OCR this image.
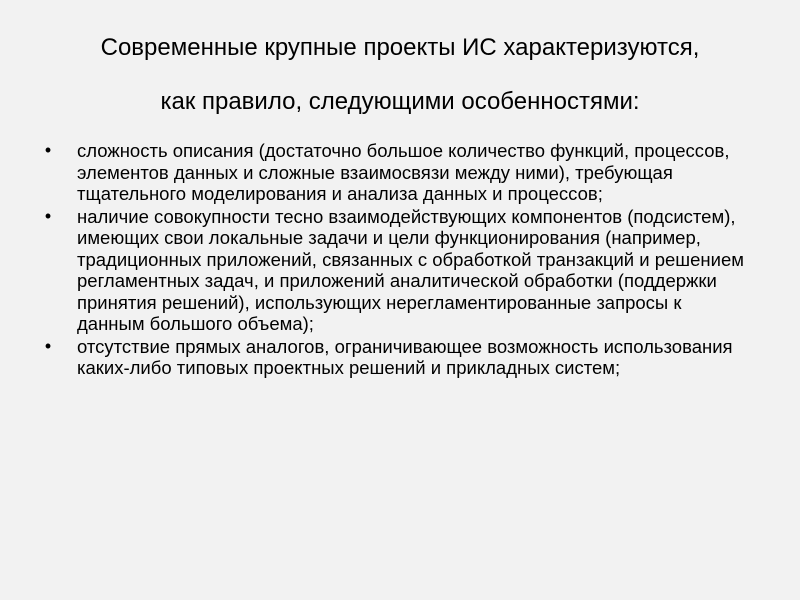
Современные крупные проекты ИС характеризуются,
как правило, следующими особенностями:
• сложность описания (достаточно большое количество функций, процессов, элементов данных и сложные взаимосвязи между ними), требующая тщательного моделирования и анализа данных и процессов;
• наличие совокупности тесно взаимодействующих компонентов (подсистем), имеющих свои локальные задачи и цели функционирования (например, традиционных приложений, связанных с обработкой транзакций и решением регламентных задач, и приложений аналитической обработки (поддержки принятия решений), использующих нерегламентированные запросы к данным большого объема);
• отсутствие прямых аналогов, ограничивающее возможность использования каких-либо типовых проектных решений и прикладных систем;
